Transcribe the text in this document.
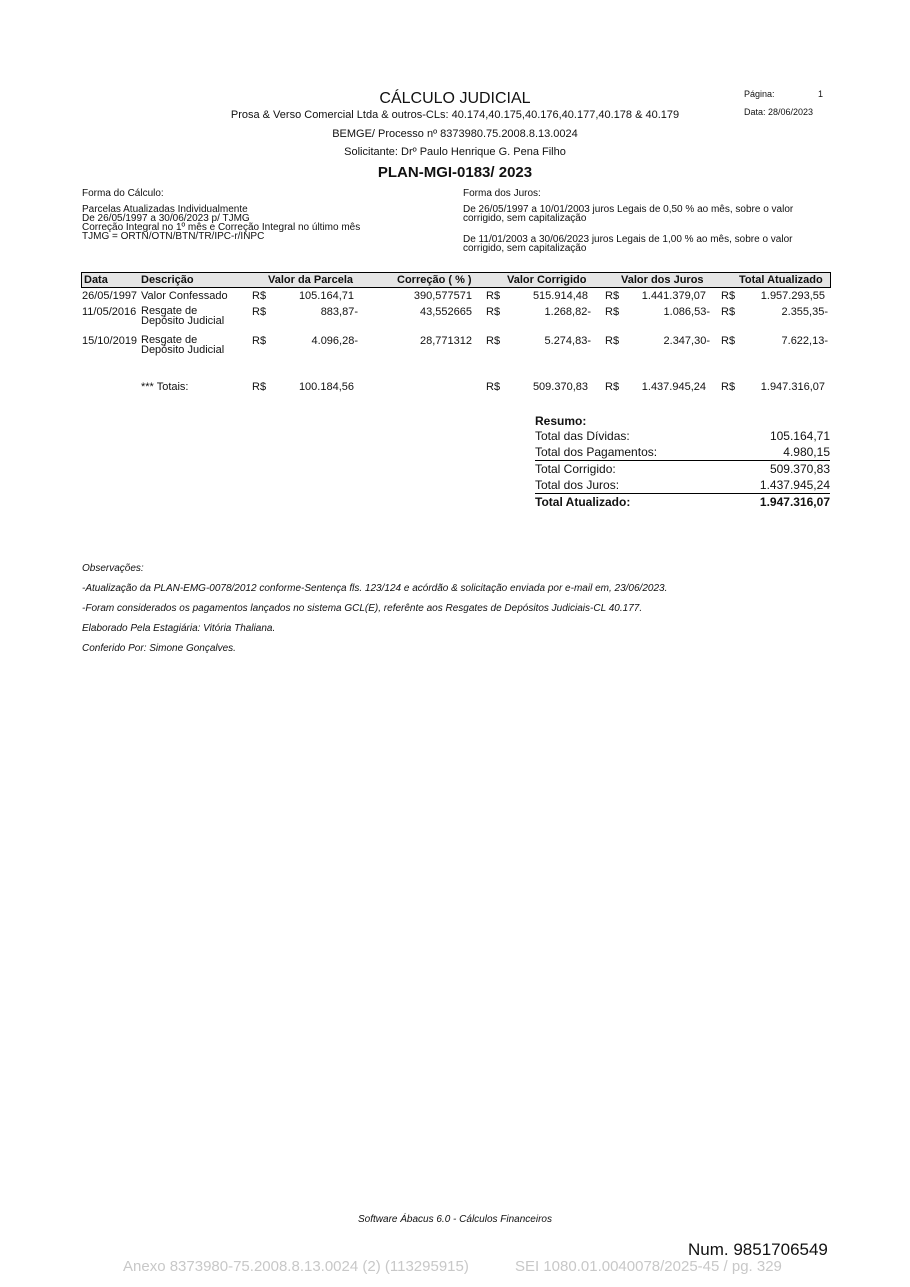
CÁLCULO JUDICIAL
Prosa & Verso Comercial Ltda & outros-CLs: 40.174,40.175,40.176,40.177,40.178 & 40.179
BEMGE/ Processo nº 8373980.75.2008.8.13.0024
Solicitante: Drº Paulo Henrique G. Pena Filho
PLAN-MGI-0183/ 2023
Página:	1
Data: 28/06/2023
Forma do Cálculo:
Parcelas Atualizadas Individualmente
De 26/05/1997 a 30/06/2023 p/ TJMG
Correção Integral no 1º mês e Correção Integral no último mês
TJMG = ORTN/OTN/BTN/TR/IPC-r/INPC
Forma dos Juros:
De 26/05/1997 a 10/01/2003 juros Legais de 0,50 % ao mês, sobre o valor
corrigido, sem capitalização
De 11/01/2003 a 30/06/2023 juros Legais de 1,00 % ao mês, sobre o valor
corrigido, sem capitalização
Data	Descrição	Valor da Parcela	Correção ( % )	Valor Corrigido	Valor dos Juros	Total Atualizado
26/05/1997 Valor Confessado R$	105.164,71	390,577571 R$	515.914,48 R$	1.441.379,07 R$	1.957.293,55
11/05/2016 Resgate de
Depósito Judicial
R$	883,87-	43,552665 R$	1.268,82- R$	1.086,53- R$	2.355,35-
15/10/2019 Resgate de
Depósito Judicial
R$	4.096,28-	28,771312 R$	5.274,83- R$	2.347,30- R$	7.622,13-
*** Totais:	R$	100.184,56	R$	509.370,83 R$	1.437.945,24 R$	1.947.316,07
Resumo:
Total das Dívidas:	105.164,71
Total dos Pagamentos:	4.980,15
Total Corrigido:	509.370,83
Total dos Juros:	1.437.945,24
Total Atualizado:	1.947.316,07
Observações:
-Atualização da PLAN-EMG-0078/2012 conforme-Sentença fls. 123/124 e acórdão & solicitação enviada por e-mail em, 23/06/2023.
-Foram considerados os pagamentos lançados no sistema GCL(E), referênte aos Resgates de Depósitos Judiciais-CL 40.177.
Elaborado Pela Estagiária: Vitória Thaliana.
Conferido Por: Simone Gonçalves.
Software Ábacus 6.0 - Cálculos Financeiros
Num. 9851706549
Anexo 8373980-75.2008.8.13.0024 (2) (113295915)	SEI 1080.01.0040078/2025-45 / pg. 329
